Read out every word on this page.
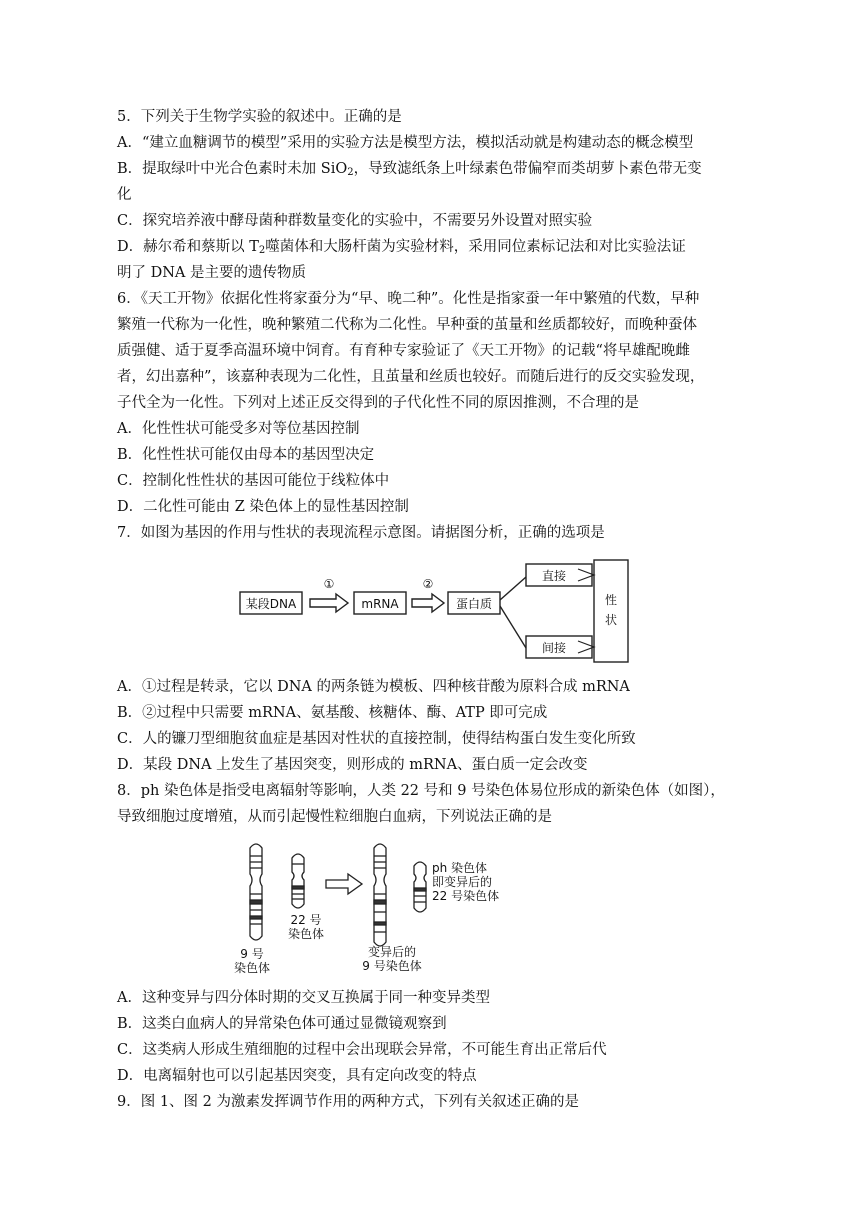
5．下列关于生物学实验的叙述中。正确的是
A．“建立血糖调节的模型”采用的实验方法是模型方法，模拟活动就是构建动态的概念模型
B．提取绿叶中光合色素时未加 SiO$_2$，导致滤纸条上叶绿素色带偏窄而类胡萝卜素色带无变
化
C．探究培养液中酵母菌种群数量变化的实验中，不需要另外设置对照实验
D．赫尔希和蔡斯以 $T_2$噬菌体和大肠杆菌为实验材料，采用同位素标记法和对比实验法证
明了 DNA 是主要的遗传物质
6．《天工开物》依据化性将家蚕分为“早、晚二种”。化性是指家蚕一年中繁殖的代数，早种
繁殖一代称为一化性，晚种繁殖二代称为二化性。早种蚕的茧量和丝质都较好，而晚种蚕体
质强健、适于夏季高温环境中饲育。有育种专家验证了《天工开物》的记载“将早雄配晚雌
者，幻出嘉种”，该嘉种表现为二化性，且茧量和丝质也较好。而随后进行的反交实验发现，
子代全为一化性。下列对上述正反交得到的子代化性不同的原因推测，不合理的是
A．化性性状可能受多对等位基因控制
B．化性性状可能仅由母本的基因型决定
C．控制化性性状的基因可能位于线粒体中
D．二化性可能由 Z 染色体上的显性基因控制
7．如图为基因的作用与性状的表现流程示意图。请据图分析，正确的选项是
某段DNA
①
mRNA
②
蛋白质
直接
间接
性
状
A．①过程是转录，它以 DNA 的两条链为模板、四种核苷酸为原料合成 mRNA
B．②过程中只需要 mRNA、氨基酸、核糖体、酶、ATP 即可完成
C．人的镰刀型细胞贫血症是基因对性状的直接控制，使得结构蛋白发生变化所致
D．某段 DNA 上发生了基因突变，则形成的 mRNA、蛋白质一定会改变
8．ph 染色体是指受电离辐射等影响，人类 22 号和 9 号染色体易位形成的新染色体（如图），
导致细胞过度增殖，从而引起慢性粒细胞白血病，下列说法正确的是
9 号
染色体
22 号
染色体
变异后的
9 号染色体
ph 染色体
即变异后的
22 号染色体
A．这种变异与四分体时期的交叉互换属于同一种变异类型
B．这类白血病人的异常染色体可通过显微镜观察到
C．这类病人形成生殖细胞的过程中会出现联会异常，不可能生育出正常后代
D．电离辐射也可以引起基因突变，具有定向改变的特点
9．图 1、图 2 为激素发挥调节作用的两种方式，下列有关叙述正确的是
